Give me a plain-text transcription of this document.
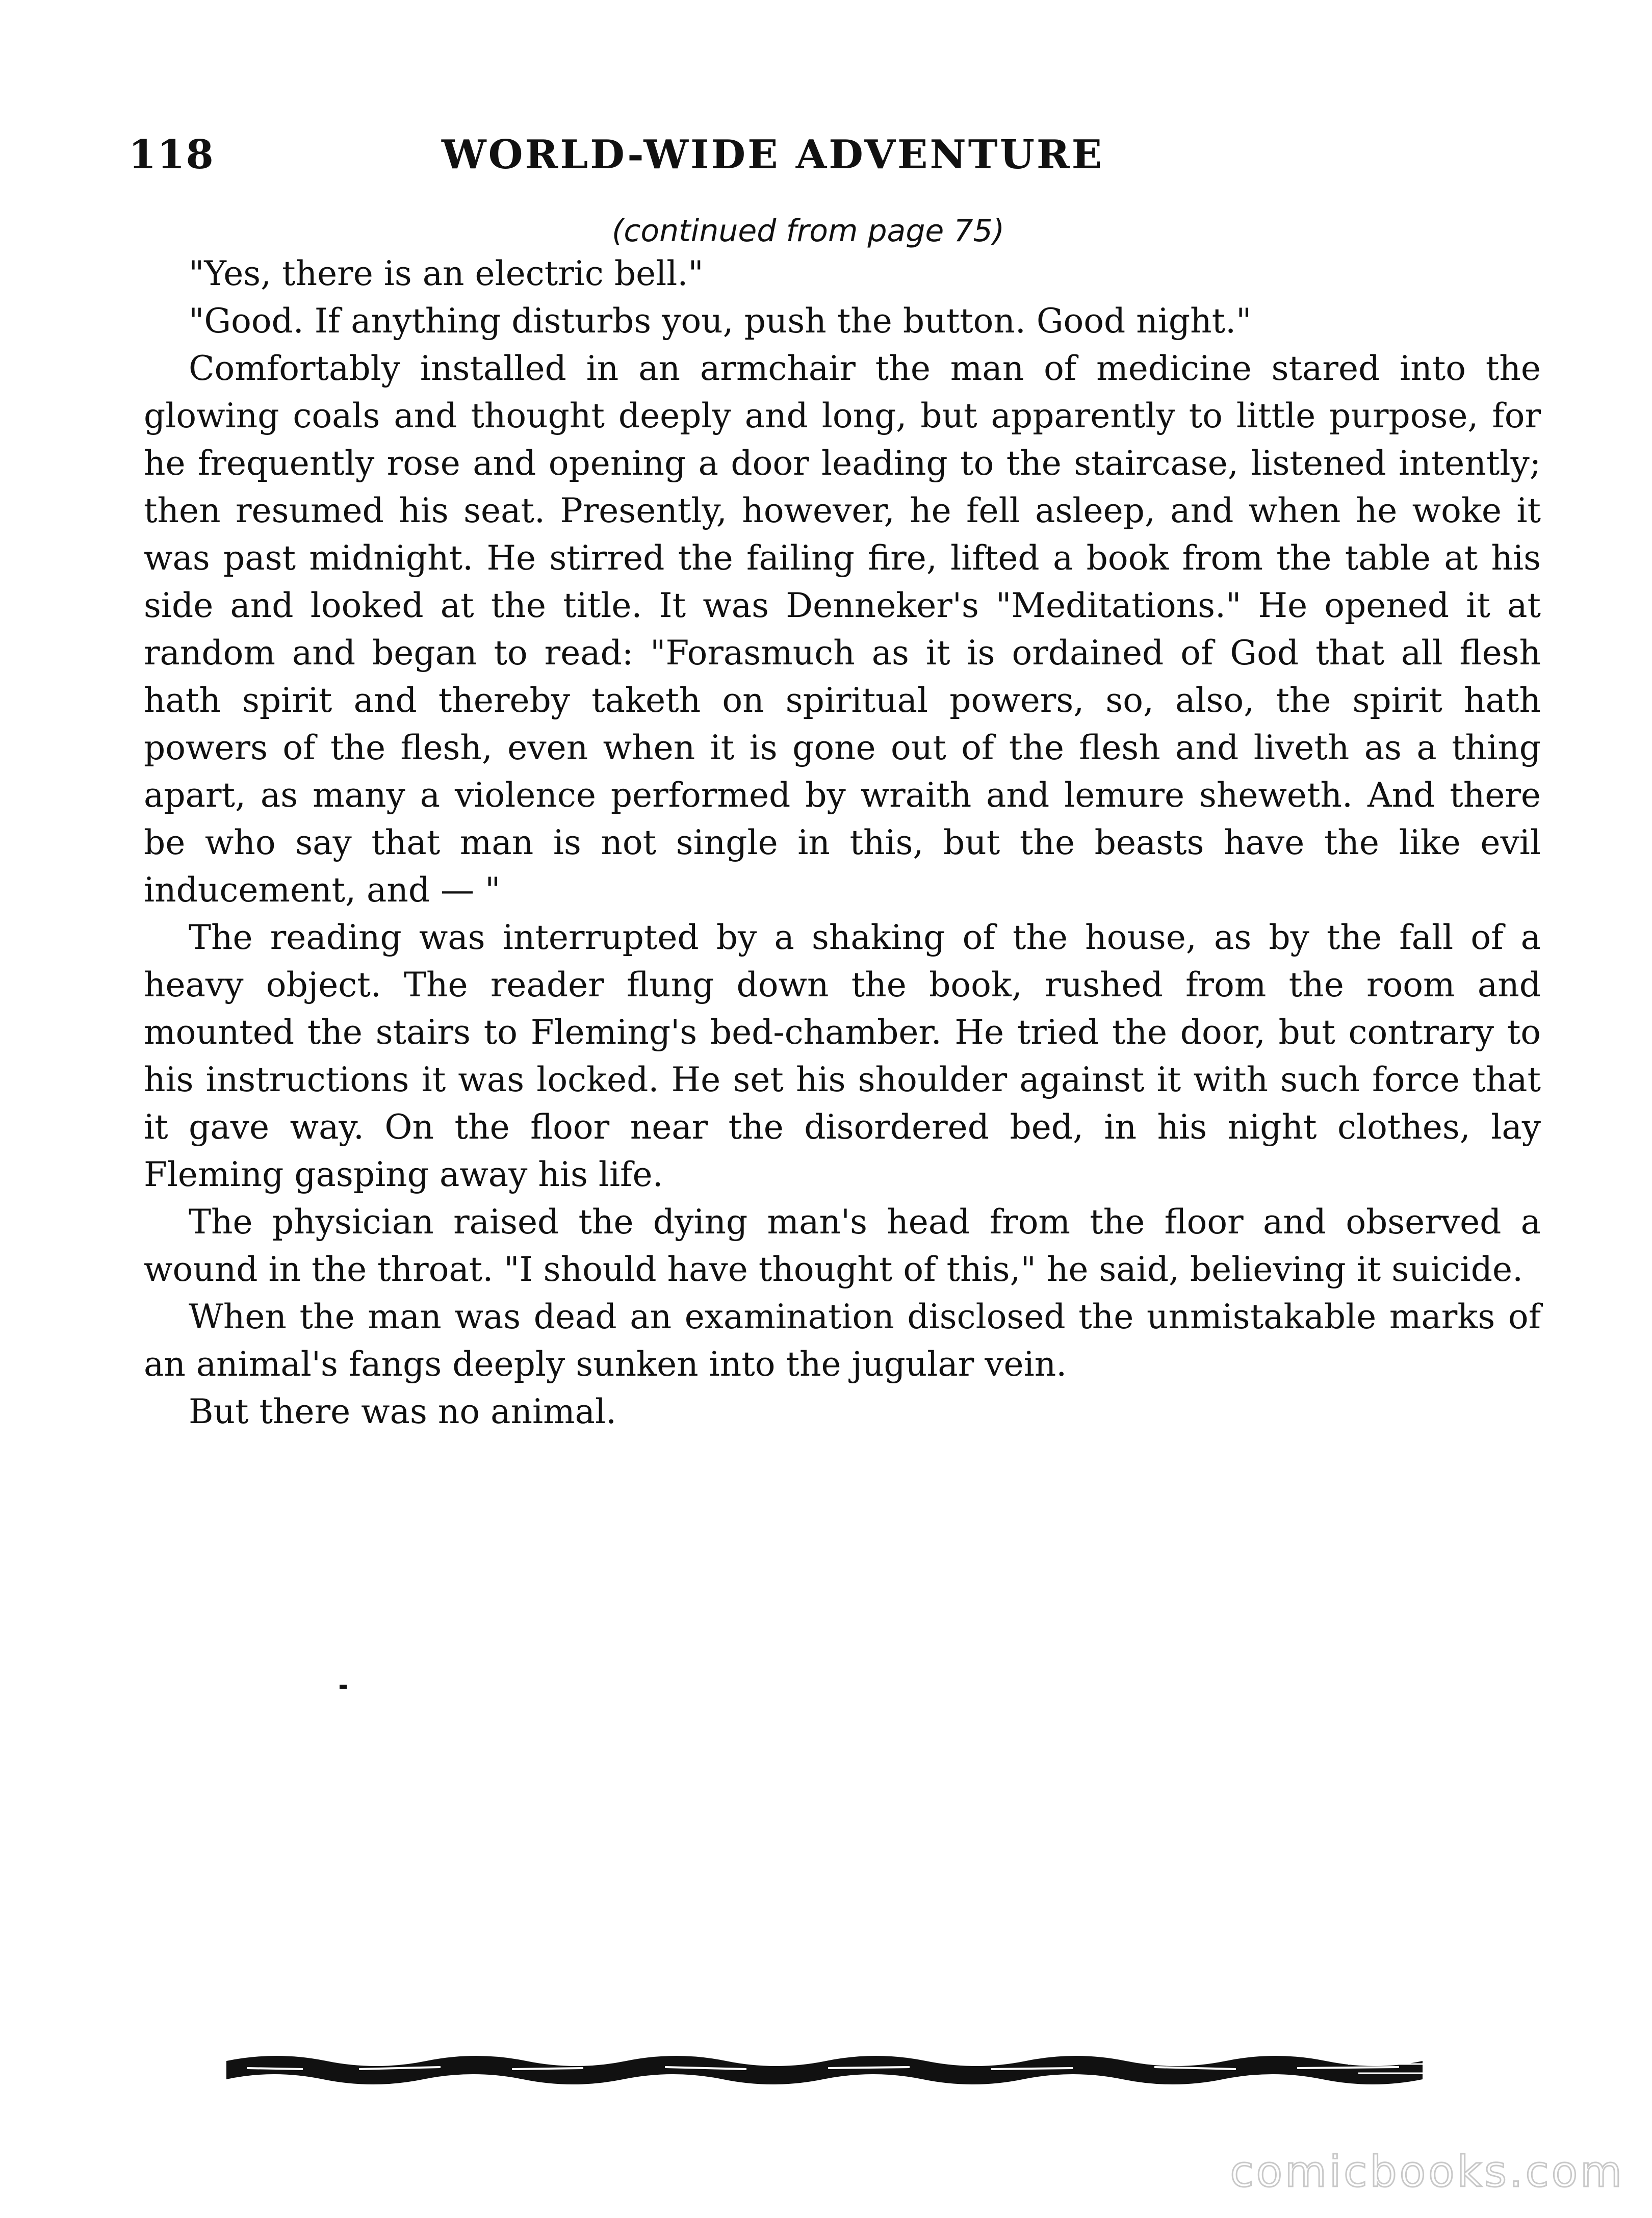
118	WORLD-WIDE ADVENTURE
(continued from page 75)

"Yes, there is an electric bell."

"Good. If anything disturbs you, push the button. Good night."

Comfortably installed in an armchair the man of medicine stared into the glowing coals and thought deeply and long, but apparently to little purpose, for he frequently rose and opening a door leading to the staircase, listened intently; then resumed his seat. Presently, however, he fell asleep, and when he woke it was past midnight. He stirred the failing fire, lifted a book from the table at his side and looked at the title. It was Denneker's "Meditations." He opened it at random and began to read: "Forasmuch as it is ordained of God that all flesh hath spirit and thereby taketh on spiritual powers, so, also, the spirit hath powers of the flesh, even when it is gone out of the flesh and liveth as a thing apart, as many a violence performed by wraith and lemure sheweth. And there be who say that man is not single in this, but the beasts have the like evil inducement, and — "

The reading was interrupted by a shaking of the house, as by the fall of a heavy object. The reader flung down the book, rushed from the room and mounted the stairs to Fleming's bed-chamber. He tried the door, but contrary to his instructions it was locked. He set his shoulder against it with such force that it gave way. On the floor near the disordered bed, in his night clothes, lay Fleming gasping away his life.

The physician raised the dying man's head from the floor and observed a wound in the throat. "I should have thought of this," he said, believing it suicide.

When the man was dead an examination disclosed the unmistakable marks of an animal's fangs deeply sunken into the jugular vein.

But there was no animal.

comicbooks.com
